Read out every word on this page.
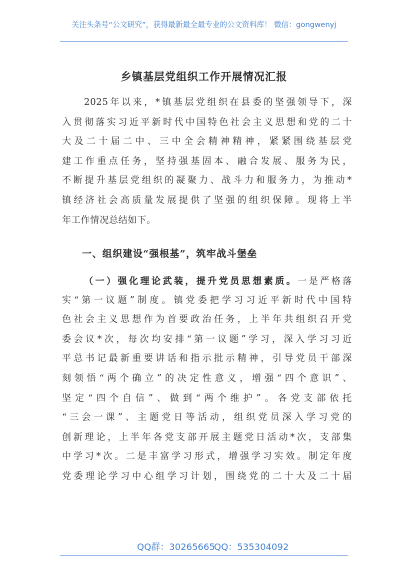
关注头条号“公文研究”，获得最新最全最专业的公文资料库！ 微信：gongwenyj
乡镇基层党组织工作开展情况汇报
2025年以来，*镇基层党组织在县委的坚强领导下，深
入贯彻落实习近平新时代中国特色社会主义思想和党的二十
大及二十届二中、三中全会精神精神，紧紧围绕基层党
建工作重点任务，坚持强基固本、融合发展、服务为民，
不断提升基层党组织的凝聚力、战斗力和服务力，为推动*
镇经济社会高质量发展提供了坚强的组织保障。现将上半
年工作情况总结如下。
一、组织建设“强根基”，筑牢战斗堡垒
（一）强化理论武装，提升党员思想素质。一是严格落
实“第一议题”制度。镇党委把学习习近平新时代中国特
色社会主义思想作为首要政治任务，上半年共组织召开党
委会议*次，每次均安排“第一议题”学习，深入学习习近
平总书记最新重要讲话和指示批示精神，引导党员干部深
刻领悟“两个确立”的决定性意义，增强“四个意识”、
坚定“四个自信”、做到“两个维护”。各党支部依托
“三会一课”、主题党日等活动，组织党员深入学习党的
创新理论，上半年各党支部开展主题党日活动*次，支部集
中学习*次。二是丰富学习形式，增强学习实效。制定年度
党委理论学习中心组学习计划，围绕党的二十大及二十届
QQ群：30265665 QQ：535304092
